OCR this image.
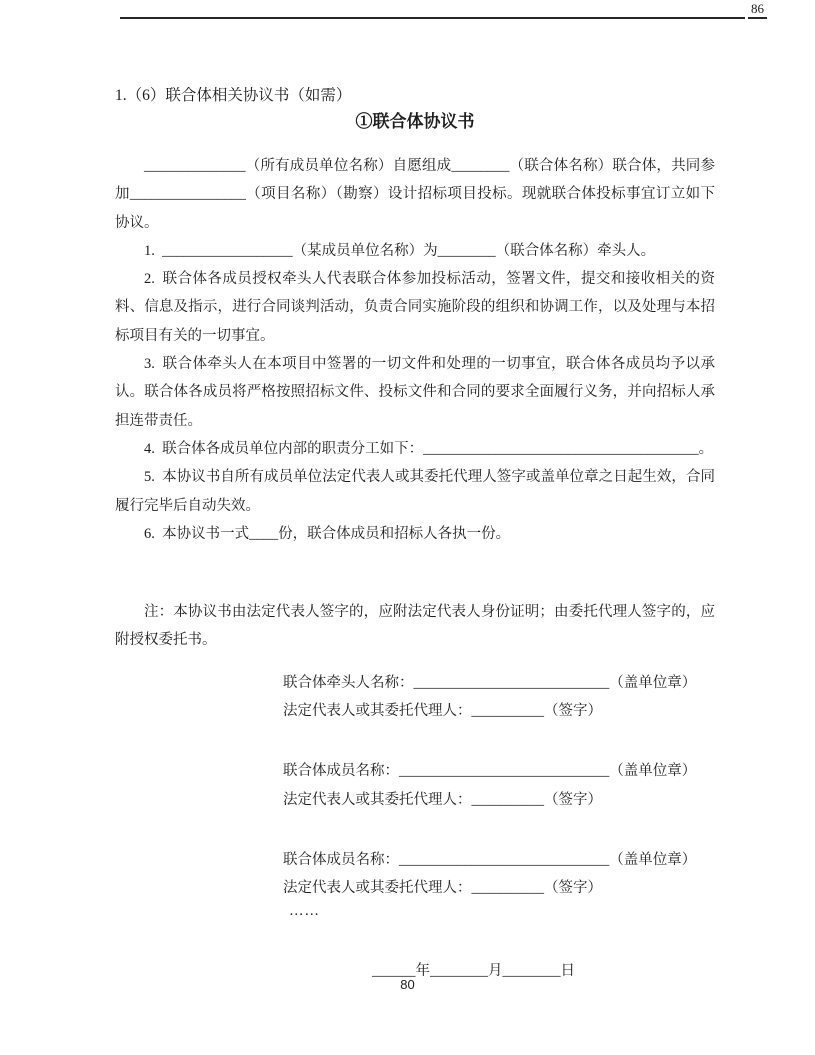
86

1.（6）联合体相关协议书（如需）

①联合体协议书

______________（所有成员单位名称）自愿组成________（联合体名称）联合体，共同参加________________（项目名称）（勘察）设计招标项目投标。现就联合体投标事宜订立如下协议。

1. __________________（某成员单位名称）为________（联合体名称）牵头人。

2. 联合体各成员授权牵头人代表联合体参加投标活动，签署文件，提交和接收相关的资料、信息及指示，进行合同谈判活动，负责合同实施阶段的组织和协调工作，以及处理与本招标项目有关的一切事宜。

3. 联合体牵头人在本项目中签署的一切文件和处理的一切事宜，联合体各成员均予以承认。联合体各成员将严格按照招标文件、投标文件和合同的要求全面履行义务，并向招标人承担连带责任。

4. 联合体各成员单位内部的职责分工如下：______________________________________。

5. 本协议书自所有成员单位法定代表人或其委托代理人签字或盖单位章之日起生效，合同履行完毕后自动失效。

6. 本协议书一式____份，联合体成员和招标人各执一份。

注：本协议书由法定代表人签字的，应附法定代表人身份证明；由委托代理人签字的，应附授权委托书。

联合体牵头人名称：___________________________（盖单位章）

法定代表人或其委托代理人：__________（签字）

联合体成员名称：_____________________________（盖单位章）

法定代表人或其委托代理人：__________（签字）

联合体成员名称：_____________________________（盖单位章）

法定代表人或其委托代理人：__________（签字）

……

______年________月________日

80
